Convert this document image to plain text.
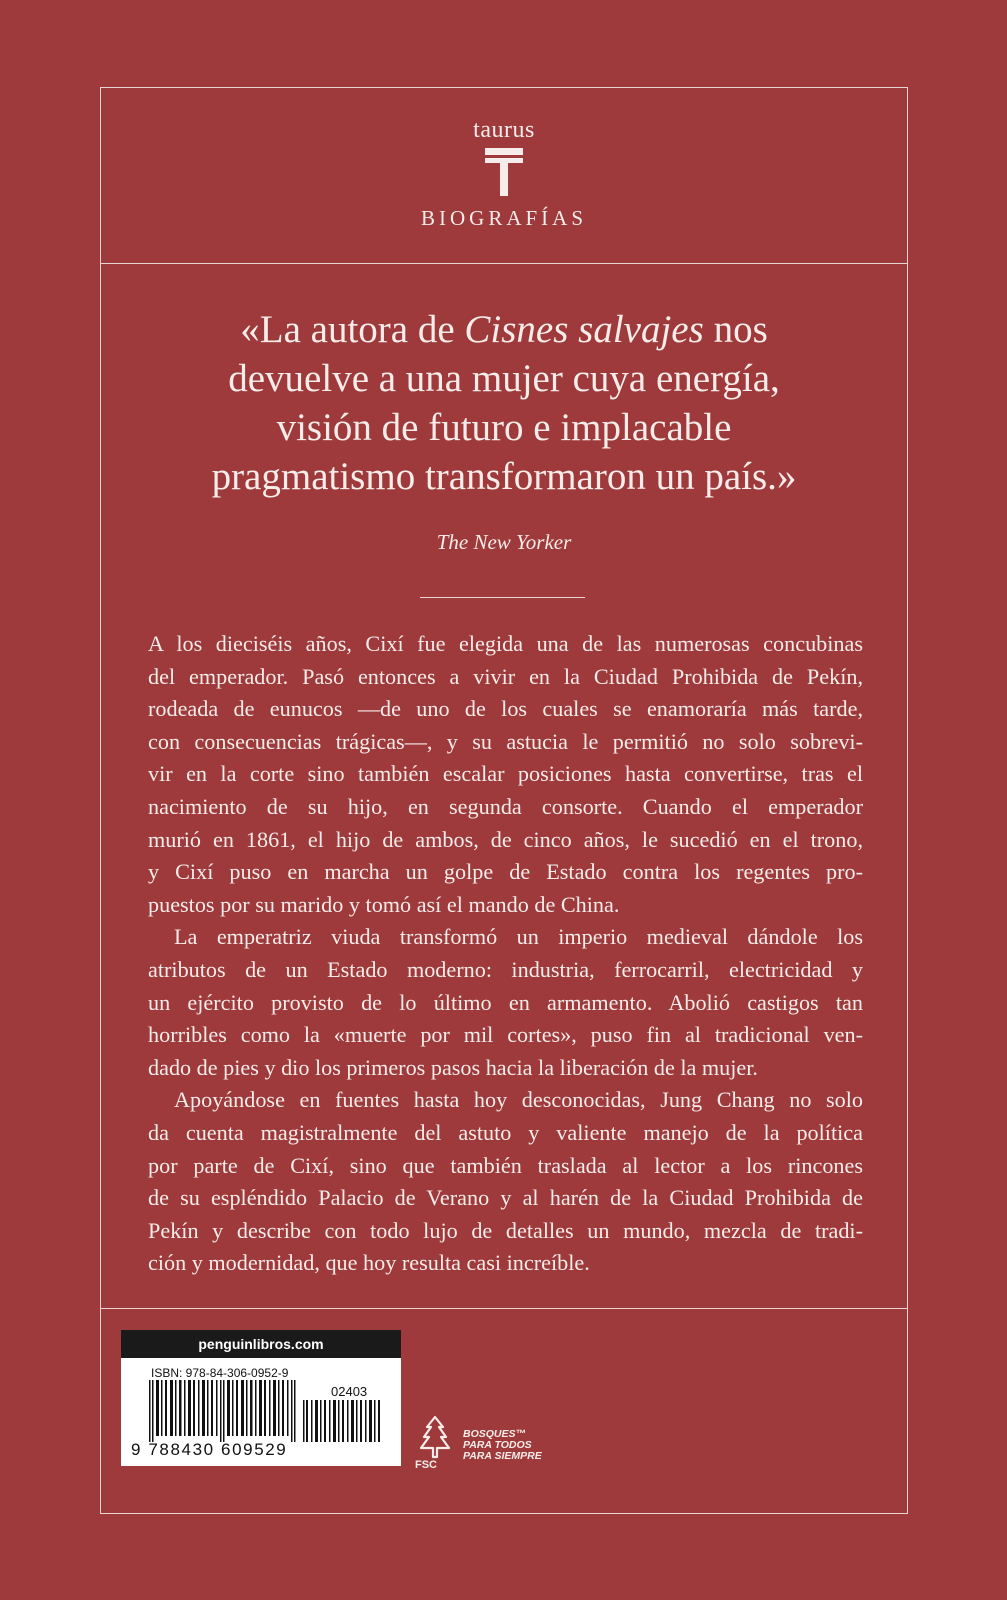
taurus
BIOGRAFÍAS
«La autora de Cisnes salvajes nos
devuelve a una mujer cuya energía,
visión de futuro e implacable
pragmatismo transformaron un país.»
The New Yorker

A los dieciséis años, Cixí fue elegida una de las numerosas concubinas
del emperador. Pasó entonces a vivir en la Ciudad Prohibida de Pekín,
rodeada de eunucos —de uno de los cuales se enamoraría más tarde,
con consecuencias trágicas—, y su astucia le permitió no solo sobrevi-
vir en la corte sino también escalar posiciones hasta convertirse, tras el
nacimiento de su hijo, en segunda consorte. Cuando el emperador
murió en 1861, el hijo de ambos, de cinco años, le sucedió en el trono,
y Cixí puso en marcha un golpe de Estado contra los regentes pro-
puestos por su marido y tomó así el mando de China.

La emperatriz viuda transformó un imperio medieval dándole los
atributos de un Estado moderno: industria, ferrocarril, electricidad y
un ejército provisto de lo último en armamento. Abolió castigos tan
horribles como la «muerte por mil cortes», puso fin al tradicional ven-
dado de pies y dio los primeros pasos hacia la liberación de la mujer.

Apoyándose en fuentes hasta hoy desconocidas, Jung Chang no solo
da cuenta magistralmente del astuto y valiente manejo de la política
por parte de Cixí, sino que también traslada al lector a los rincones
de su espléndido Palacio de Verano y al harén de la Ciudad Prohibida de
Pekín y describe con todo lujo de detalles un mundo, mezcla de tradi-
ción y modernidad, que hoy resulta casi increíble.

penguinlibros.com
ISBN: 978-84-306-0952-9
02403
9 788430 609529
FSC
BOSQUES™
PARA TODOS
PARA SIEMPRE
